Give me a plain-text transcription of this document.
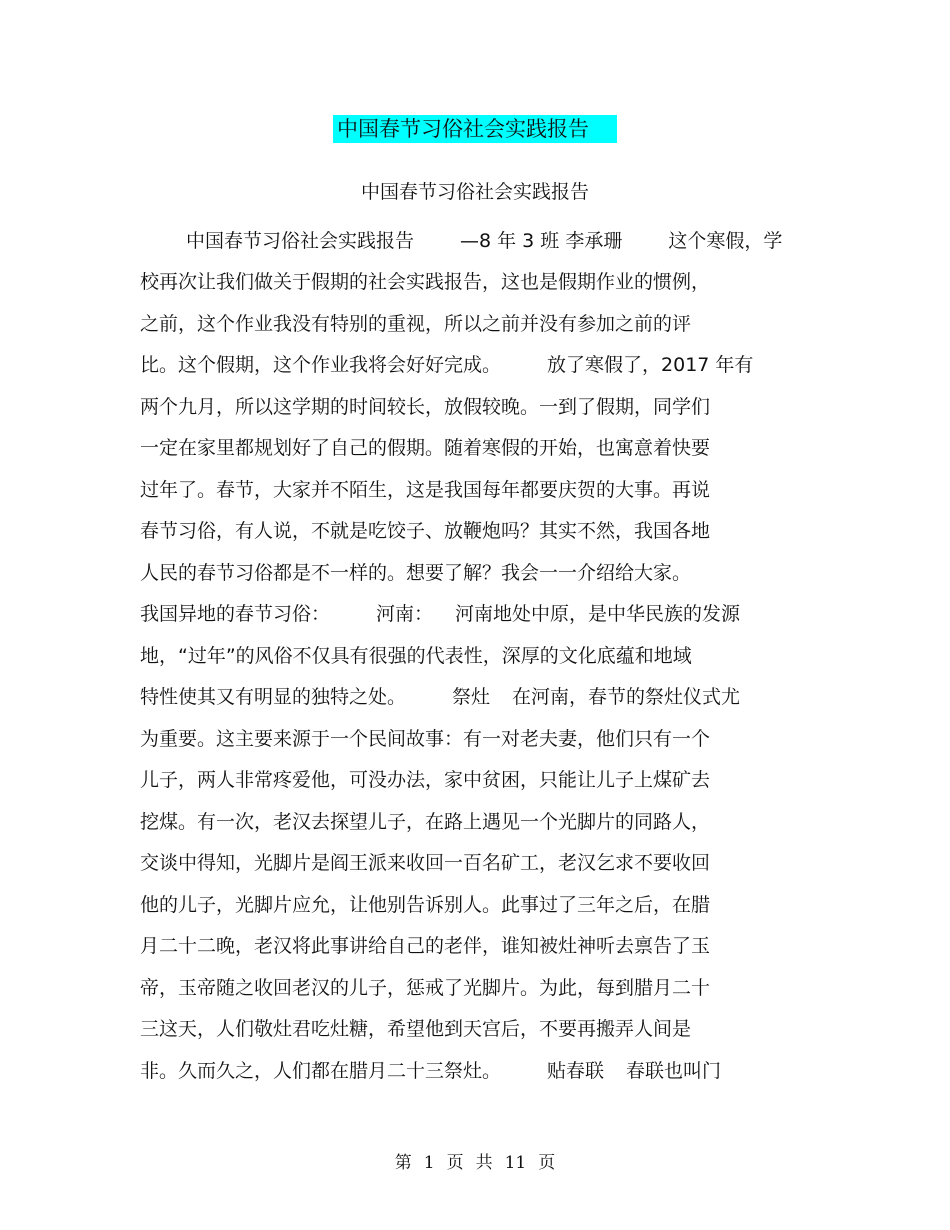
中国春节习俗社会实践报告
中国春节习俗社会实践报告
中国春节习俗社会实践报告 —8 年 3 班 李承珊 这个寒假，学
校再次让我们做关于假期的社会实践报告，这也是假期作业的惯例，
之前，这个作业我没有特别的重视，所以之前并没有参加之前的评
比。这个假期，这个作业我将会好好完成。 放了寒假了，2017 年有
两个九月，所以这学期的时间较长，放假较晚。一到了假期，同学们
一定在家里都规划好了自己的假期。随着寒假的开始，也寓意着快要
过年了。春节，大家并不陌生，这是我国每年都要庆贺的大事。再说
春节习俗，有人说，不就是吃饺子、放鞭炮吗？其实不然，我国各地
人民的春节习俗都是不一样的。想要了解？我会一一介绍给大家。
我国异地的春节习俗： 河南： 河南地处中原，是中华民族的发源
地，“过年”的风俗不仅具有很强的代表性，深厚的文化底蕴和地域
特性使其又有明显的独特之处。 祭灶 在河南，春节的祭灶仪式尤
为重要。这主要来源于一个民间故事：有一对老夫妻，他们只有一个
儿子，两人非常疼爱他，可没办法，家中贫困，只能让儿子上煤矿去
挖煤。有一次，老汉去探望儿子，在路上遇见一个光脚片的同路人，
交谈中得知，光脚片是阎王派来收回一百名矿工，老汉乞求不要收回
他的儿子，光脚片应允，让他别告诉别人。此事过了三年之后，在腊
月二十二晚，老汉将此事讲给自己的老伴，谁知被灶神听去禀告了玉
帝，玉帝随之收回老汉的儿子，惩戒了光脚片。为此，每到腊月二十
三这天，人们敬灶君吃灶糖，希望他到天宫后，不要再搬弄人间是
非。久而久之，人们都在腊月二十三祭灶。 贴春联 春联也叫门
第 1 页 共 11 页
